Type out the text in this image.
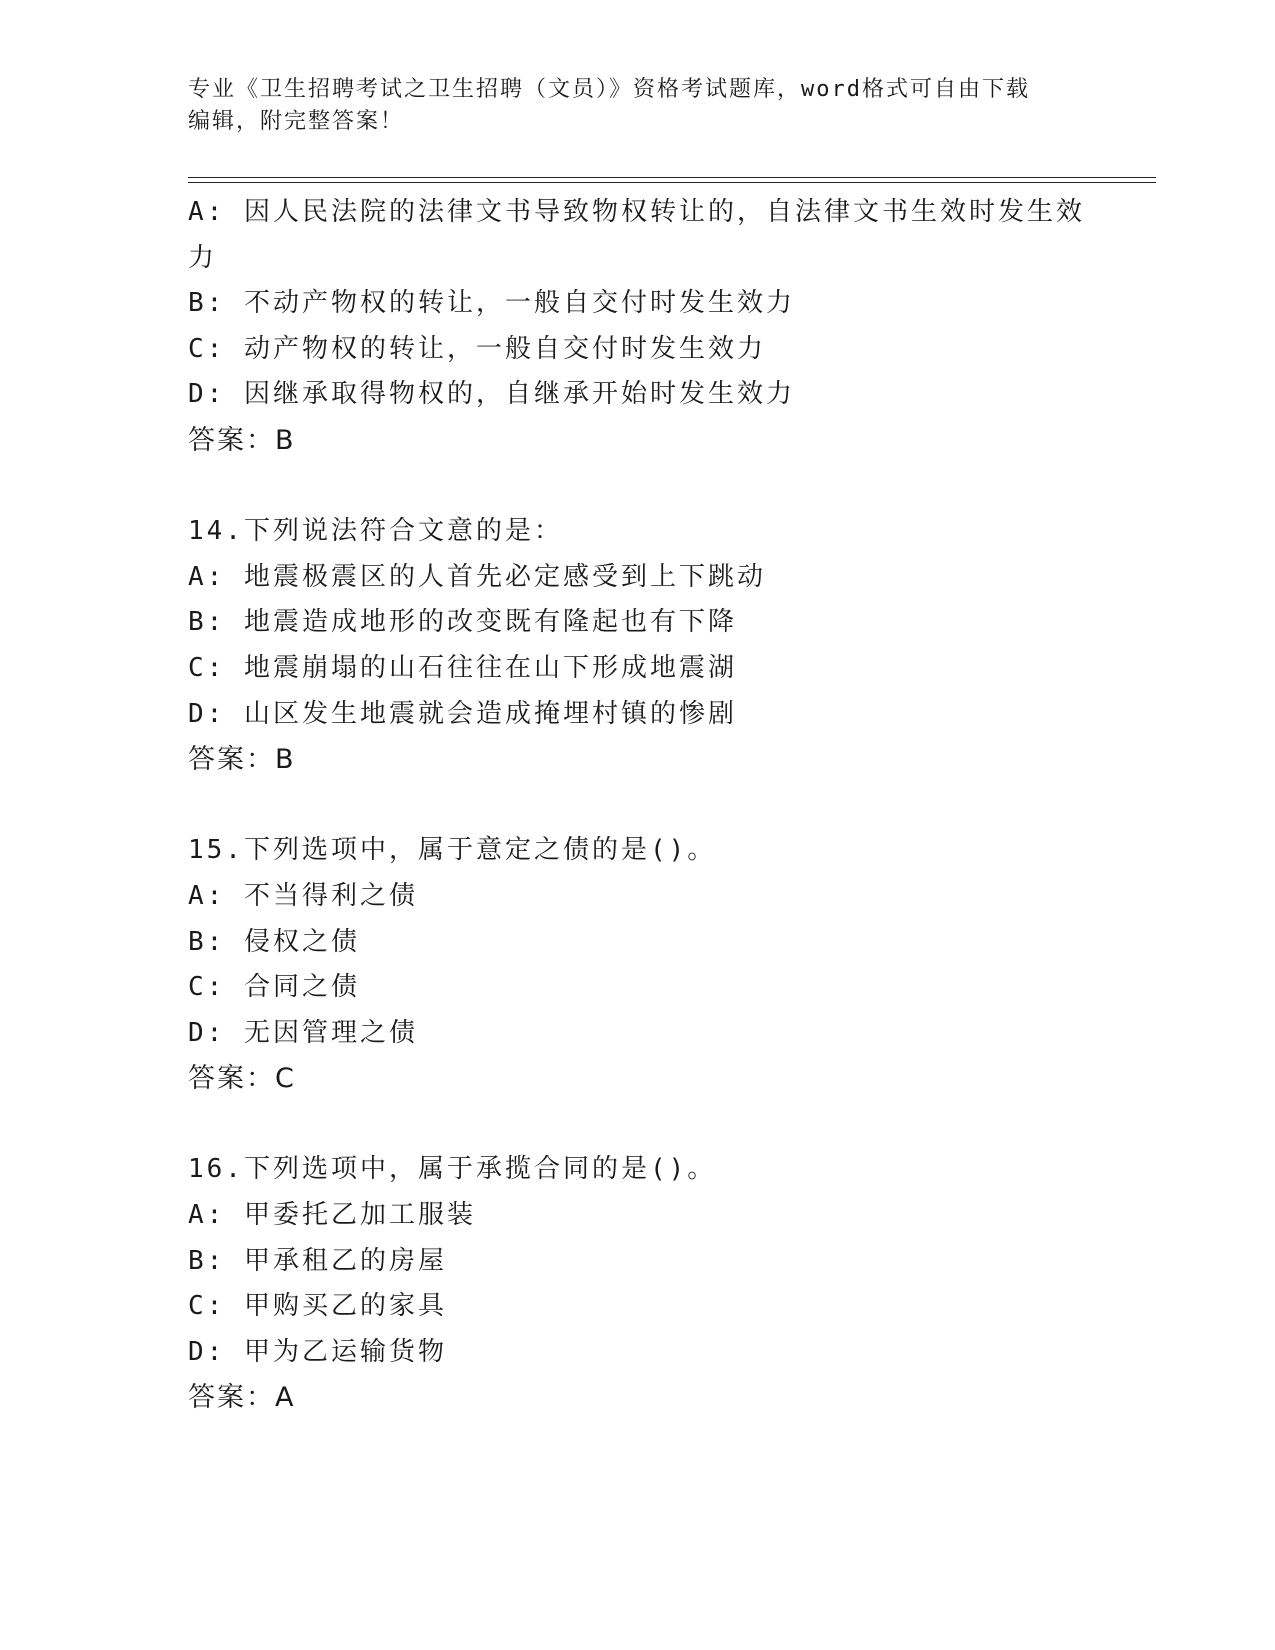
专业《卫生招聘考试之卫生招聘（文员）》资格考试题库，word格式可自由下载
编辑，附完整答案！
A: 因人民法院的法律文书导致物权转让的，自法律文书生效时发生效力
B: 不动产物权的转让，一般自交付时发生效力
C: 动产物权的转让，一般自交付时发生效力
D: 因继承取得物权的，自继承开始时发生效力
答案：B
14.下列说法符合文意的是：
A: 地震极震区的人首先必定感受到上下跳动
B: 地震造成地形的改变既有隆起也有下降
C: 地震崩塌的山石往往在山下形成地震湖
D: 山区发生地震就会造成掩埋村镇的惨剧
答案：B
15.下列选项中，属于意定之债的是()。
A: 不当得利之债
B: 侵权之债
C: 合同之债
D: 无因管理之债
答案：C
16.下列选项中，属于承揽合同的是()。
A: 甲委托乙加工服装
B: 甲承租乙的房屋
C: 甲购买乙的家具
D: 甲为乙运输货物
答案：A
